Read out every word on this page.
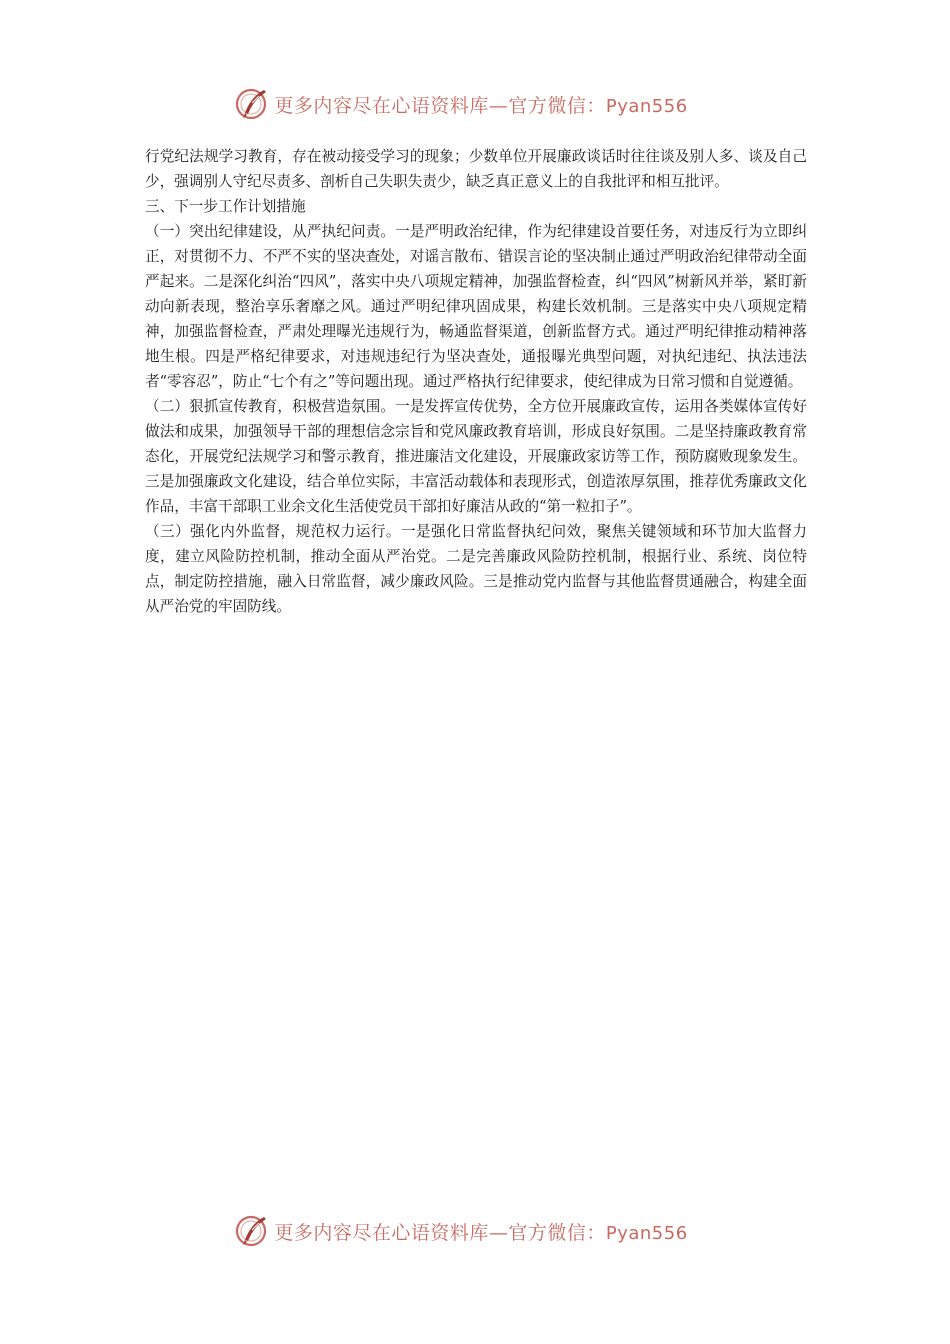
更多内容尽在心语资料库—官方微信：Pyan556

行党纪法规学习教育，存在被动接受学习的现象；少数单位开展廉政谈话时往往谈及别人多、谈及自己少，强调别人守纪尽责多、剖析自己失职失责少，缺乏真正意义上的自我批评和相互批评。

三、下一步工作计划措施

（一）突出纪律建设，从严执纪问责。一是严明政治纪律，作为纪律建设首要任务，对违反行为立即纠正，对贯彻不力、不严不实的坚决查处，对谣言散布、错误言论的坚决制止通过严明政治纪律带动全面严起来。二是深化纠治“四风”，落实中央八项规定精神，加强监督检查，纠“四风”树新风并举，紧盯新动向新表现，整治享乐奢靡之风。通过严明纪律巩固成果，构建长效机制。三是落实中央八项规定精神，加强监督检查，严肃处理曝光违规行为，畅通监督渠道，创新监督方式。通过严明纪律推动精神落地生根。四是严格纪律要求，对违规违纪行为坚决查处，通报曝光典型问题，对执纪违纪、执法违法者“零容忍”，防止“七个有之”等问题出现。通过严格执行纪律要求，使纪律成为日常习惯和自觉遵循。

（二）狠抓宣传教育，积极营造氛围。一是发挥宣传优势，全方位开展廉政宣传，运用各类媒体宣传好做法和成果，加强领导干部的理想信念宗旨和党风廉政教育培训，形成良好氛围。二是坚持廉政教育常态化，开展党纪法规学习和警示教育，推进廉洁文化建设，开展廉政家访等工作，预防腐败现象发生。三是加强廉政文化建设，结合单位实际，丰富活动载体和表现形式，创造浓厚氛围，推荐优秀廉政文化作品，丰富干部职工业余文化生活使党员干部扣好廉洁从政的“第一粒扣子”。

（三）强化内外监督，规范权力运行。一是强化日常监督执纪问效，聚焦关键领域和环节加大监督力度，建立风险防控机制，推动全面从严治党。二是完善廉政风险防控机制，根据行业、系统、岗位特点，制定防控措施，融入日常监督，减少廉政风险。三是推动党内监督与其他监督贯通融合，构建全面从严治党的牢固防线。

更多内容尽在心语资料库—官方微信：Pyan556
